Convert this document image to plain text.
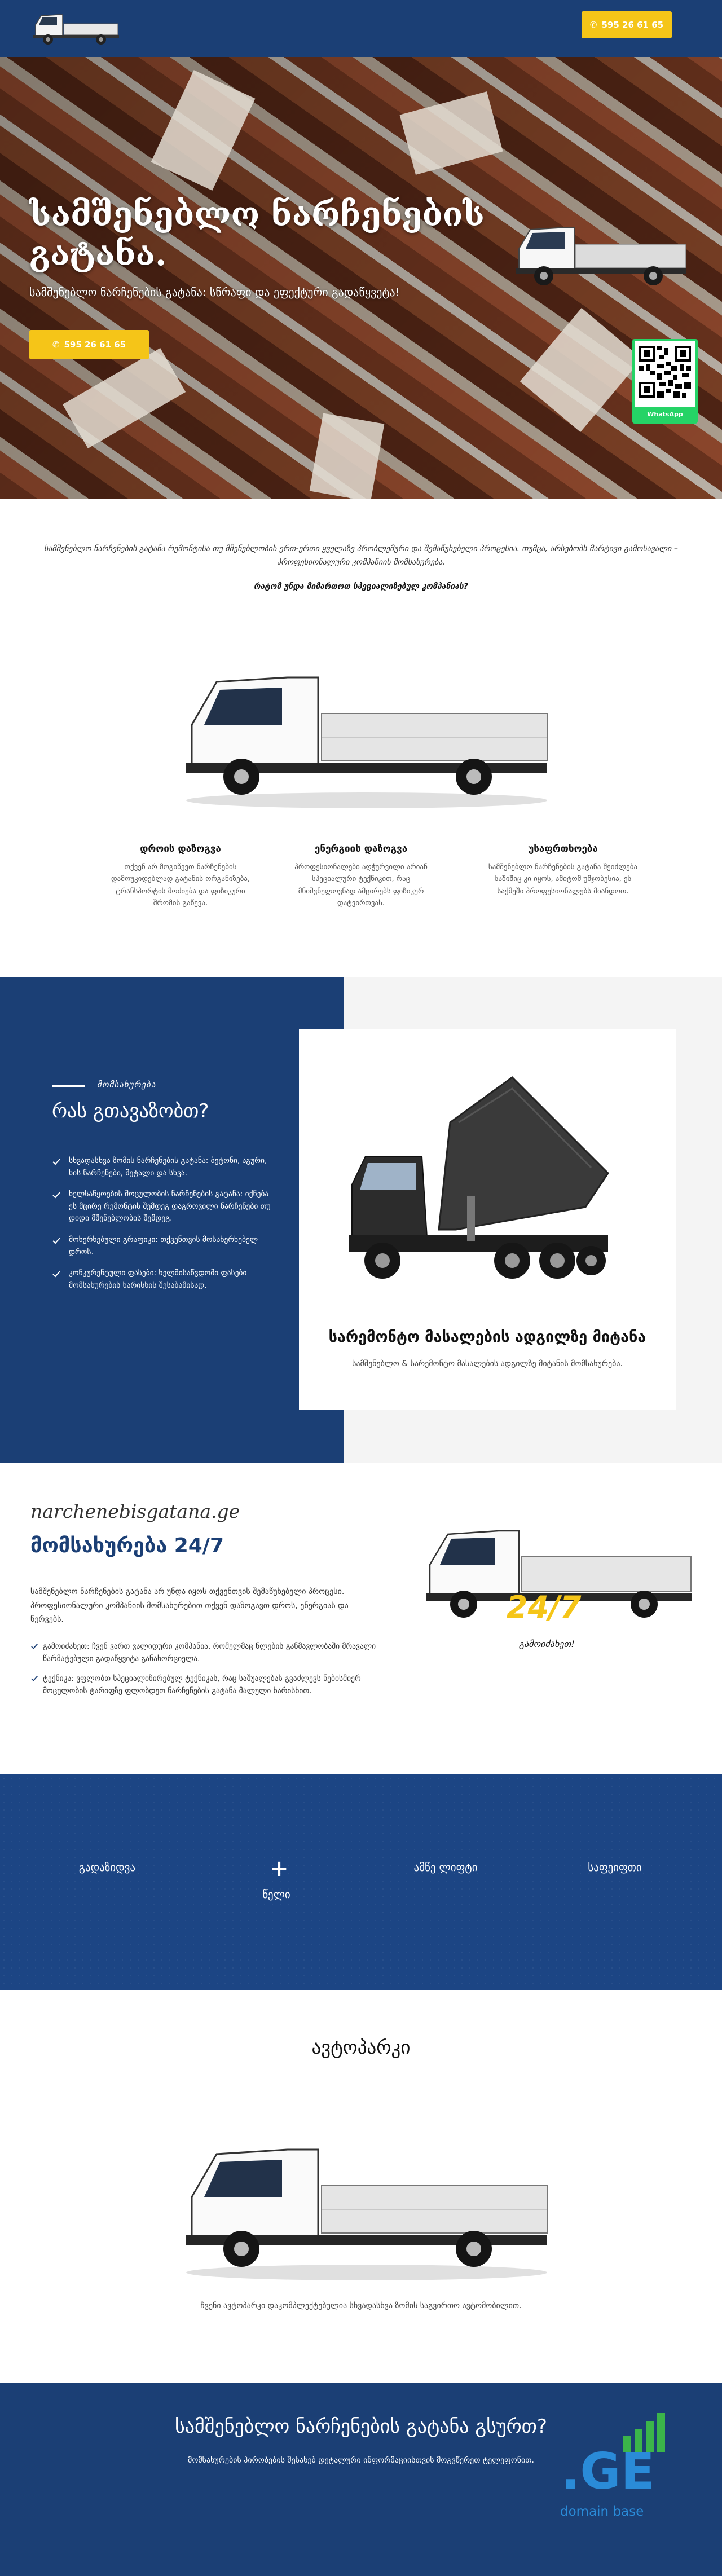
✆ 595 26 61 65
სამშენებლო ნარჩენების გატანა.
სამშენებლო ნარჩენების გატანა: სწრაფი და ეფექტური გადაწყვეტა!
✆ 595 26 61 65
WhatsApp
სამშენებლო ნარჩენების გატანა რემონტისა თუ მშენებლობის ერთ-ერთი ყველაზე პრობლემური და შემაწუხებელი პროცესია. თუმცა, არსებობს მარტივი გამოსავალი – პროფესიონალური კომპანიის მომსახურება.
რატომ უნდა მიმართოთ სპეციალიზებულ კომპანიას?
დროის დაზოგვა

თქვენ არ მოგიწევთ ნარჩენების დამოუკიდებლად გატანის ორგანიზება, ტრანსპორტის მოძიება და ფიზიკური შრომის გაწევა.

ენერგიის დაზოგვა

პროფესიონალები აღჭურვილი არიან სპეციალური ტექნიკით, რაც მნიშვნელოვნად ამცირებს ფიზიკურ დატვირთვას.

უსაფრთხოება

სამშენებლო ნარჩენების გატანა შეიძლება საშიშიც კი იყოს, ამიტომ უმჯობესია, ეს საქმეში პროფესიონალებს მიანდოთ.

მომსახურება
რას გთავაზობთ?
სხვადასხვა ზომის ნარჩენების გატანა: ბეტონი, აგური, ხის ნარჩენები, მეტალი და სხვა.
ხელსაწყოების მოცულობის ნარჩენების გატანა: იქნება ეს მცირე რემონტის შემდეგ დაგროვილი ნარჩენები თუ დიდი მშენებლობის შემდეგ.
მოხერხებული გრაფიკი: თქვენთვის მოსახერხებელ დროს.
კონკურენტული ფასები: ხელმისაწვდომი ფასები მომსახურების ხარისხის შესაბამისად.
სარემონტო მასალების ადგილზე მიტანა
სამშენებლო & სარემონტო მასალების ადგილზე მიტანის მომსახურება.
narchenebisgatana.ge
მომსახურება 24/7
სამშენებლო ნარჩენების გატანა არ უნდა იყოს თქვენთვის შემაწუხებელი პროცესი. პროფესიონალური კომპანიის მომსახურებით თქვენ დაზოგავთ დროს, ენერგიას და ნერვებს.
გამოიძახეთ: ჩვენ ვართ ვალიდური კომპანია, რომელმაც წლების განმავლობაში მრავალი წარმატებული გადაწყვიტა განახორციელა.
ტექნიკა: ვფლობთ სპეციალიზირებულ ტექნიკას, რაც საშუალებას გვაძლევს ნებისმიერ მოცულობის ტარიფზე ფლობდეთ ნარჩენების გატანა მალული ხარისხით.
24/7
გამოიძახეთ!
გადაზიდვა	+
წელი
ამწე ლიფტი	საფეიფთი
ავტოპარკი
ჩვენი ავტოპარკი დაკომპლექტებულია სხვადასხვა ზომის საგვირთო ავტომობილით.
სამშენებლო ნარჩენების გატანა გსურთ?
მომსახურების პირობების შესახებ დეტალური ინფორმაციისთვის მოგვწერეთ ტელეფონით. .GE
domain base
